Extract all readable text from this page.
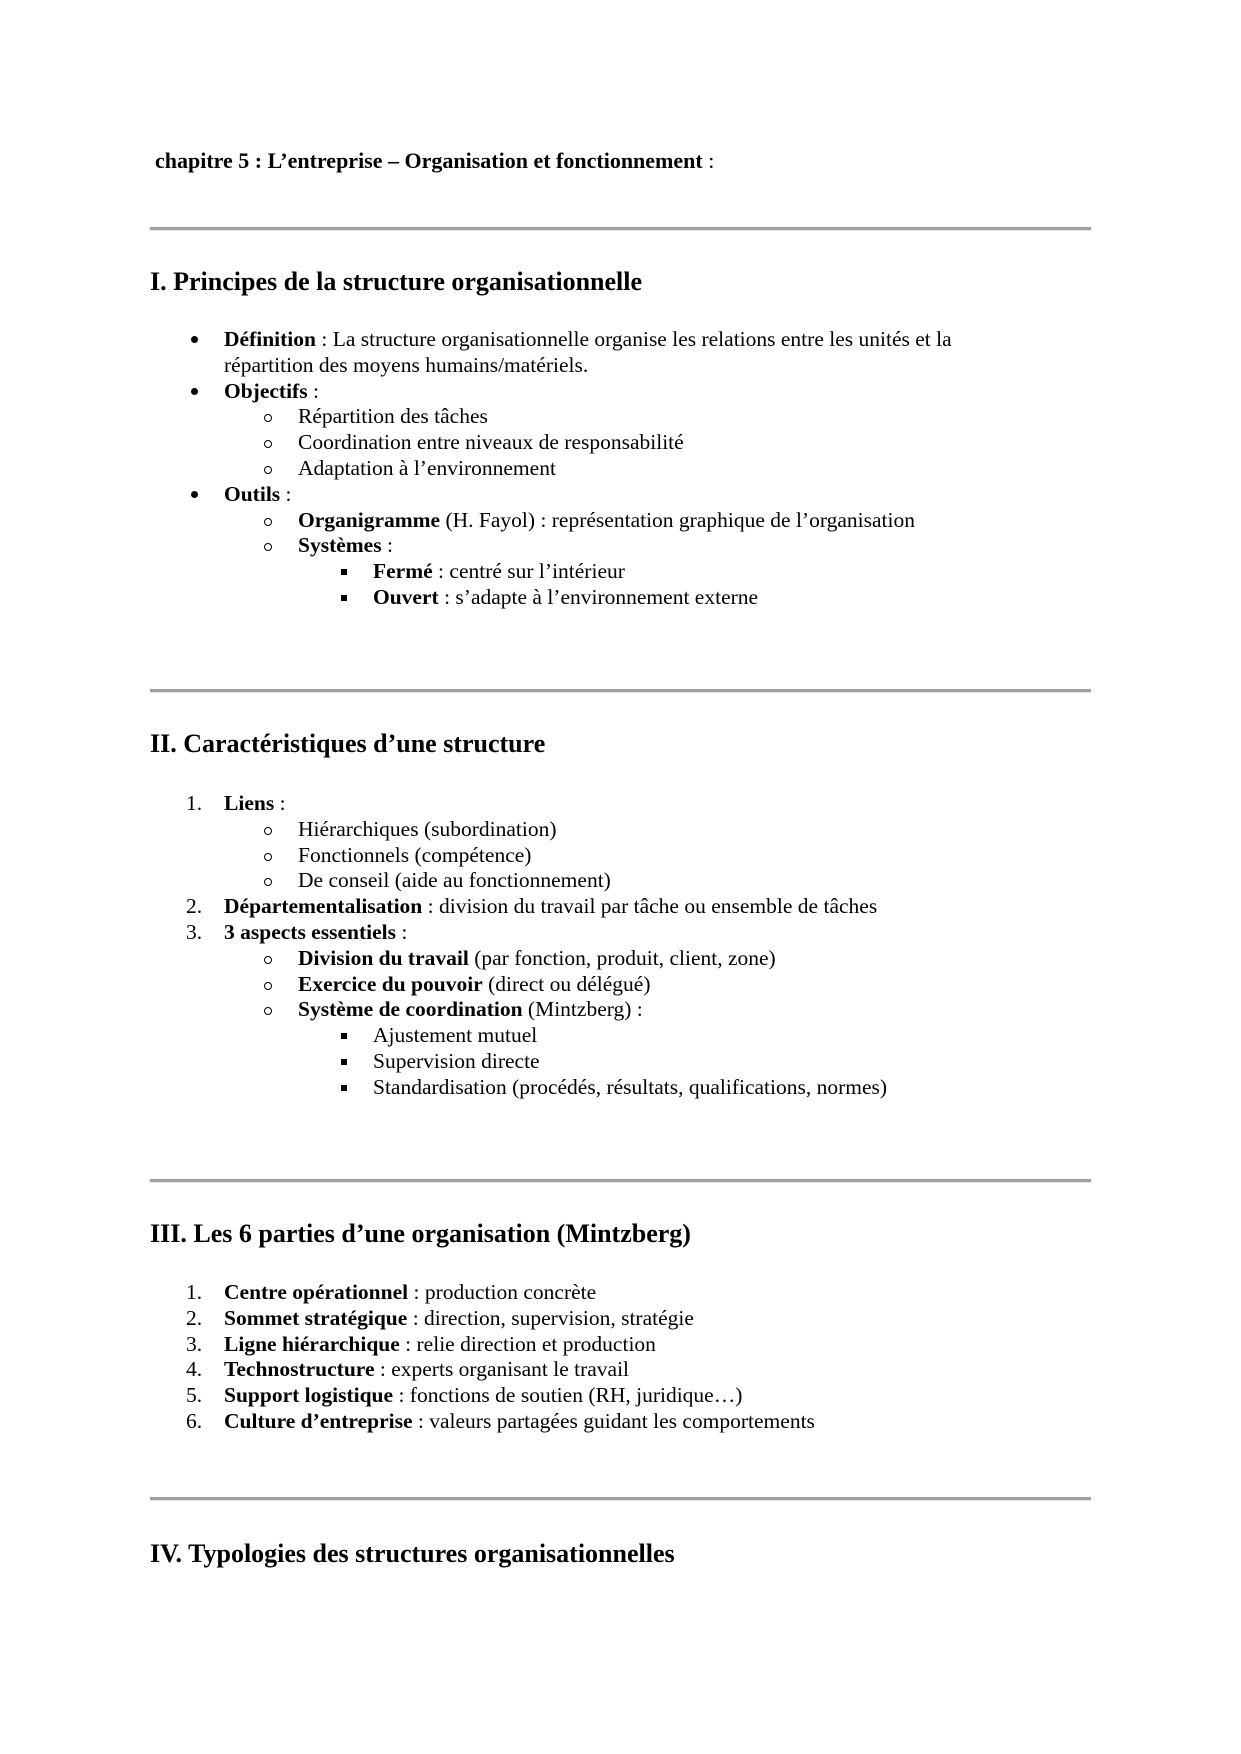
chapitre 5 : L’entreprise – Organisation et fonctionnement :
I. Principes de la structure organisationnelle
II. Caractéristiques d’une structure
III. Les 6 parties d’une organisation (Mintzberg)
IV. Typologies des structures organisationnelles
Définition : La structure organisationnelle organise les relations entre les unités et la
répartition des moyens humains/matériels.
Objectifs :
Répartition des tâches
Coordination entre niveaux de responsabilité
Adaptation à l’environnement
Outils :
Organigramme (H. Fayol) : représentation graphique de l’organisation
Systèmes :
Fermé : centré sur l’intérieur
Ouvert : s’adapte à l’environnement externe
Liens :
1.
Hiérarchiques (subordination)
Fonctionnels (compétence)
De conseil (aide au fonctionnement)
Départementalisation : division du travail par tâche ou ensemble de tâches
2.
3 aspects essentiels :
3.
Division du travail (par fonction, produit, client, zone)
Exercice du pouvoir (direct ou délégué)
Système de coordination (Mintzberg) :
Ajustement mutuel
Supervision directe
Standardisation (procédés, résultats, qualifications, normes)
Centre opérationnel : production concrète
1.
Sommet stratégique : direction, supervision, stratégie
2.
Ligne hiérarchique : relie direction et production
3.
Technostructure : experts organisant le travail
4.
Support logistique : fonctions de soutien (RH, juridique…)
5.
Culture d’entreprise : valeurs partagées guidant les comportements
6.
